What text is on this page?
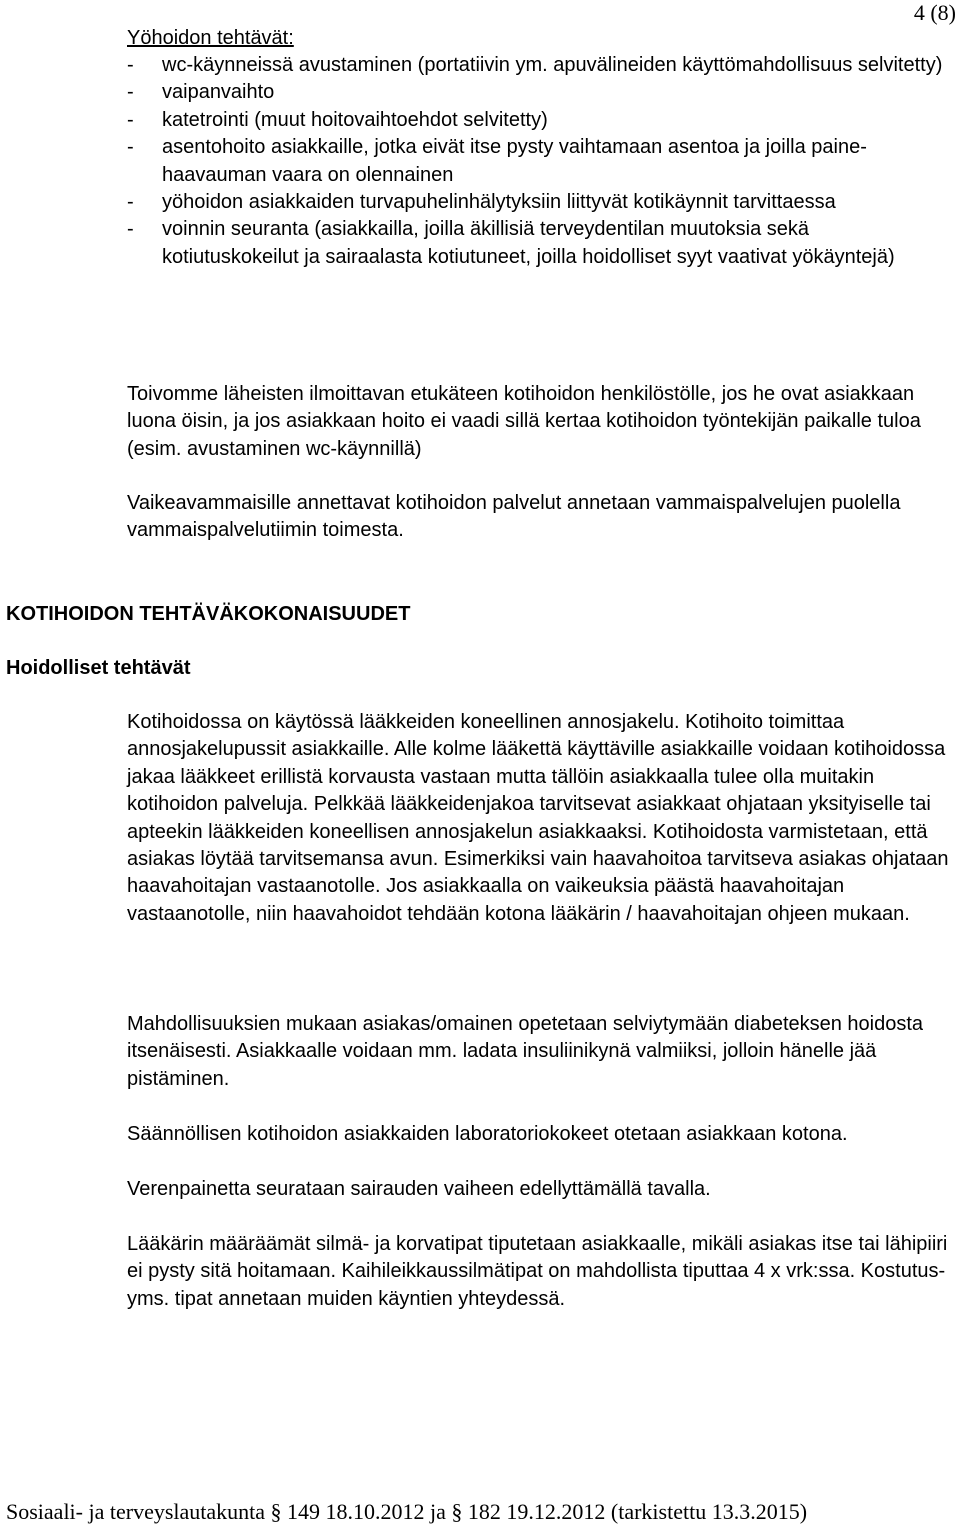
4 (8)
Yöhoidon tehtävät:
- wc-käynneissä avustaminen (portatiivin ym. apuvälineiden käyttömahdollisuus selvitetty)
- vaipanvaihto
- katetrointi (muut hoitovaihtoehdot selvitetty)
- asentohoito asiakkaille, jotka eivät itse pysty vaihtamaan asentoa ja joilla paine-haavauman vaara on olennainen
- yöhoidon asiakkaiden turvapuhelinhälytyksiin liittyvät kotikäynnit tarvittaessa
- voinnin seuranta (asiakkailla, joilla äkillisiä terveydentilan muutoksia sekä kotiutuskokeilut ja sairaalasta kotiutuneet, joilla hoidolliset syyt vaativat yökäyntejä)

Toivomme läheisten ilmoittavan etukäteen kotihoidon henkilöstölle, jos he ovat asiakkaan luona öisin, ja jos asiakkaan hoito ei vaadi sillä kertaa kotihoidon työntekijän paikalle tuloa (esim. avustaminen wc-käynnillä)

Vaikeavammaisille annettavat kotihoidon palvelut annetaan vammaispalvelujen puolella vammaispalvelutiimin toimesta.

KOTIHOIDON TEHTÄVÄKOKONAISUUDET
Hoidolliset tehtävät

Kotihoidossa on käytössä lääkkeiden koneellinen annosjakelu. Kotihoito toimittaa annosjakelupussit asiakkaille. Alle kolme lääkettä käyttäville asiakkaille voidaan kotihoidossa jakaa lääkkeet erillistä korvausta vastaan mutta tällöin asiakkaalla tulee olla muitakin kotihoidon palveluja. Pelkkää lääkkeidenjakoa tarvitsevat asiakkaat ohjataan yksityiselle tai apteekin lääkkeiden koneellisen annosjakelun asiakkaaksi. Kotihoidosta varmistetaan, että asiakas löytää tarvitsemansa avun. Esimerkiksi vain haavahoitoa tarvitseva asiakas ohjataan haavahoitajan vastaanotolle. Jos asiakkaalla on vaikeuksia päästä haavahoitajan vastaanotolle, niin haavahoidot tehdään kotona lääkärin / haavahoitajan ohjeen mukaan.

Mahdollisuuksien mukaan asiakas/omainen opetetaan selviytymään diabeteksen hoidosta itsenäisesti. Asiakkaalle voidaan mm. ladata insuliinikynä valmiiksi, jolloin hänelle jää pistäminen.

Säännöllisen kotihoidon asiakkaiden laboratoriokokeet otetaan asiakkaan kotona.

Verenpainetta seurataan sairauden vaiheen edellyttämällä tavalla.

Lääkärin määräämät silmä- ja korvatipat tiputetaan asiakkaalle, mikäli asiakas itse tai lähipiiri ei pysty sitä hoitamaan. Kaihileikkaussilmätipat on mahdollista tiputtaa 4 x vrk:ssa. Kostutus- yms. tipat annetaan muiden käyntien yhteydessä.

Sosiaali- ja terveyslautakunta § 149 18.10.2012 ja § 182 19.12.2012 (tarkistettu 13.3.2015)
